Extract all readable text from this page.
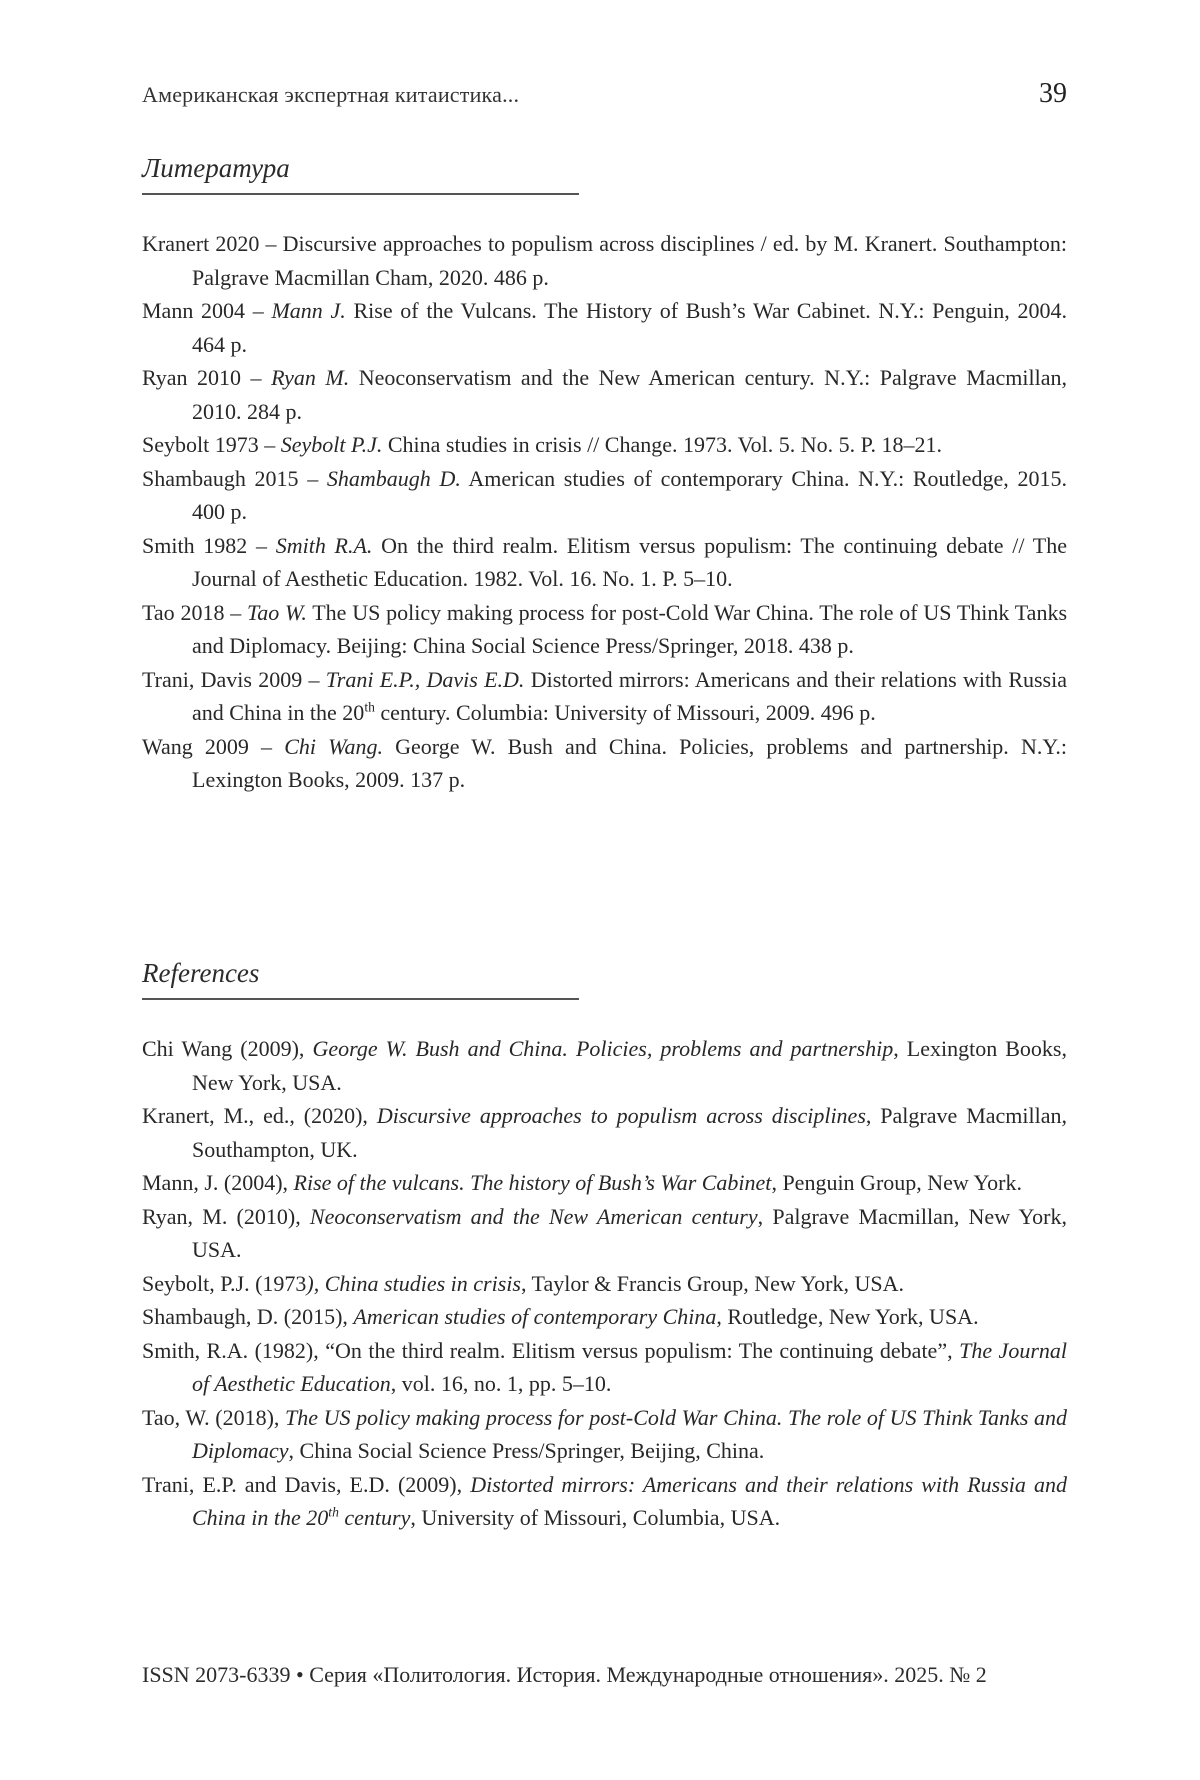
Американская экспертная китаистика...	39
Литература

Kranert 2020 – Discursive approaches to populism across disciplines / ed. by M. Kranert. Southampton: Palgrave Macmillan Cham, 2020. 486 p.

Mann 2004 – Mann J. Rise of the Vulcans. The History of Bush’s War Cabinet. N.Y.: Penguin, 2004. 464 p.

Ryan 2010 – Ryan M. Neoconservatism and the New American century. N.Y.: Palgrave Macmillan, 2010. 284 p.

Seybolt 1973 – Seybolt P.J. China studies in crisis // Change. 1973. Vol. 5. No. 5. P. 18–21.

Shambaugh 2015 – Shambaugh D. American studies of contemporary China. N.Y.: Routledge, 2015. 400 p.

Smith 1982 – Smith R.A. On the third realm. Elitism versus populism: The continuing debate // The Journal of Aesthetic Education. 1982. Vol. 16. No. 1. P. 5–10.

Tao 2018 – Tao W. The US policy making process for post-Cold War China. The role of US Think Tanks and Diplomacy. Beijing: China Social Science Press/Springer, 2018. 438 p.

Trani, Davis 2009 – Trani E.P., Davis E.D. Distorted mirrors: Americans and their relations with Russia and China in the 20th century. Columbia: University of Missouri, 2009. 496 p.

Wang 2009 – Chi Wang. George W. Bush and China. Policies, problems and partnership. N.Y.: Lexington Books, 2009. 137 p.

References

Chi Wang (2009), George W. Bush and China. Policies, problems and partnership, Lexington Books, New York, USA.

Kranert, M., ed., (2020), Discursive approaches to populism across disciplines, Palgrave Macmillan, Southampton, UK.

Mann, J. (2004), Rise of the vulcans. The history of Bush’s War Cabinet, Penguin Group, New York.

Ryan, M. (2010), Neoconservatism and the New American century, Palgrave Macmillan, New York, USA.

Seybolt, P.J. (1973), China studies in crisis, Taylor & Francis Group, New York, USA.

Shambaugh, D. (2015), American studies of contemporary China, Routledge, New York, USA.

Smith, R.A. (1982), “On the third realm. Elitism versus populism: The continuing debate”, The Journal of Aesthetic Education, vol. 16, no. 1, pp. 5–10.

Tao, W. (2018), The US policy making process for post-Cold War China. The role of US Think Tanks and Diplomacy, China Social Science Press/Springer, Beijing, China.

Trani, E.P. and Davis, E.D. (2009), Distorted mirrors: Americans and their relations with Russia and China in the 20th century, University of Missouri, Columbia, USA.

ISSN 2073-6339 • Серия «Политология. История. Международные отношения». 2025. № 2
